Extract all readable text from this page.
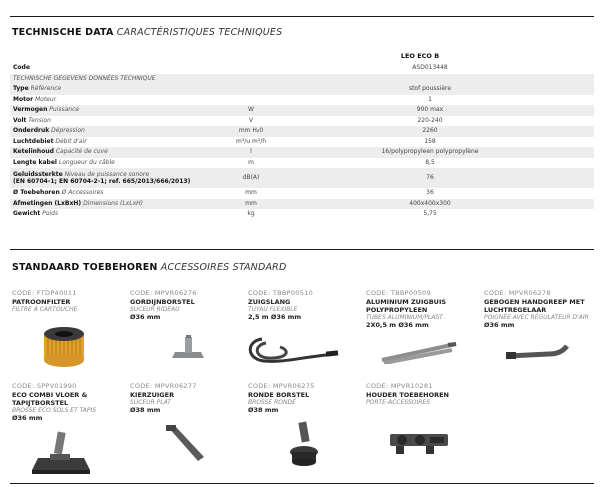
TECHNISCHE DATA CARACTÉRISTIQUES TECHNIQUES
LEO ECO B
Code	ASD013448
TECHNISCHE GEGEVENS DONNÉES TECHNIQUE
Type Référence	stof poussière
Motor Moteur	1
Vermogen Puissance	W	900 max
Volt Tension	V	220-240
Onderdruk Dépression	mm H₂0	2260
Luchtdebiet Débit d'air	m³/u m³/h	158
Ketelinhoud Capacité de cuve	l	16/polypropyleen polypropylène
Lengte kabel Longueur du câble	m	8,5
Geluidssterkte Niveau de puissance sonore
(EN 60704-1; EN 60704-2-1; ref. 665/2013/666/2013)
dB(A)	76
Ø Toebehoren Ø Accessoires	mm	36
Afmetingen (LxBxH) Dimensions (LxLxH)	mm	400x400x300
Gewicht Poids	kg	5,75
STANDAARD TOEBEHOREN ACCESSOIRES STANDARD
CODE: FTDP40011
PATROONFILTER
FILTRE À CARTOUCHE
CODE: MPVR06276
GORDIJNBORSTEL
SUCEUR RIDEAU
Ø36 mm
CODE: TBBP00510
ZUIGSLANG
TUYAU FLEXIBLE
2,5 m Ø36 mm
CODE: TBBP00509
ALUMINIUM ZUIGBUIS POLYPROPYLEEN
TUBES ALUMINIUM/PLAST
2X0,5 m Ø36 mm
CODE: MPVR06278
GEBOGEN HANDGREEP MET LUCHTREGELAAR
POIGNÉE AVEC RÉGULATEUR D'AIR
Ø36 mm
CODE: SPPV01990
ECO COMBI VLOER & TAPIJTBORSTEL
BROSSE ECO SOLS ET TAPIS
Ø36 mm
CODE: MPVR06277
KIERZUIGER
SUCEUR PLAT
Ø38 mm
CODE: MPVR06275
RONDE BORSTEL
BROSSE RONDE
Ø38 mm
CODE: MPVR10281
HOUDER TOEBEHOREN
PORTE-ACCESSOIRES
